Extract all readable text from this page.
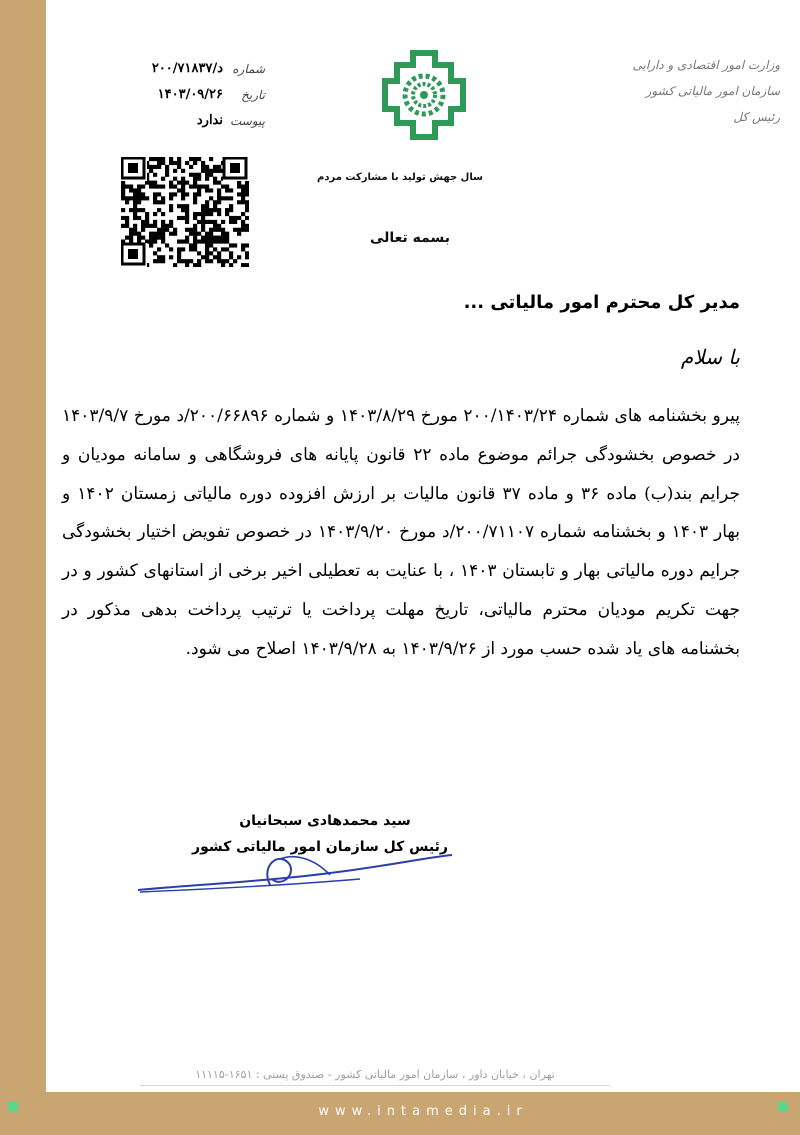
وزارت امور اقتصادی و دارایی
سازمان امور مالیاتی کشور
رئیس کل
سال جهش تولید با مشارکت مردم
شماره
د/۲۰۰/۷۱۸۳۷
تاریخ
۱۴۰۳/۰۹/۲۶
پیوست
ندارد
بسمه تعالی
مدیر کل محترم امور مالیاتی ...
با سلام
پیرو بخشنامه های شماره ۲۰۰/۱۴۰۳/۲۴ مورخ ۱۴۰۳/۸/۲۹ و شماره ۲۰۰/۶۶۸۹۶/د مورخ ۱۴۰۳/۹/۷ در خصوص بخشودگی جرائم موضوع ماده ۲۲ قانون پایانه های فروشگاهی و سامانه مودیان و جرایم بند(ب) ماده ۳۶ و ماده ۳۷ قانون مالیات بر ارزش افزوده دوره مالیاتی زمستان ۱۴۰۲ و بهار ۱۴۰۳ و بخشنامه شماره ۲۰۰/۷۱۱۰۷/د مورخ ۱۴۰۳/۹/۲۰ در خصوص تفویض اختیار بخشودگی جرایم دوره مالیاتی بهار و تابستان ۱۴۰۳ ، با عنایت به تعطیلی اخیر برخی از استانهای کشور و در جهت تکریم مودیان محترم مالیاتی، تاریخ مهلت پرداخت یا ترتیب پرداخت بدهی مذکور در بخشنامه های یاد شده حسب مورد از ۱۴۰۳/۹/۲۶ به ۱۴۰۳/۹/۲۸ اصلاح می شود.
سید محمدهادی سبحانیان
رئیس کل سازمان امور مالیاتی کشور
تهران ، خیابان داور ، سازمان امور مالیاتی کشور - صندوق پستی : ۱۶۵۱-۱۱۱۱۵
www.intamedia.ir
